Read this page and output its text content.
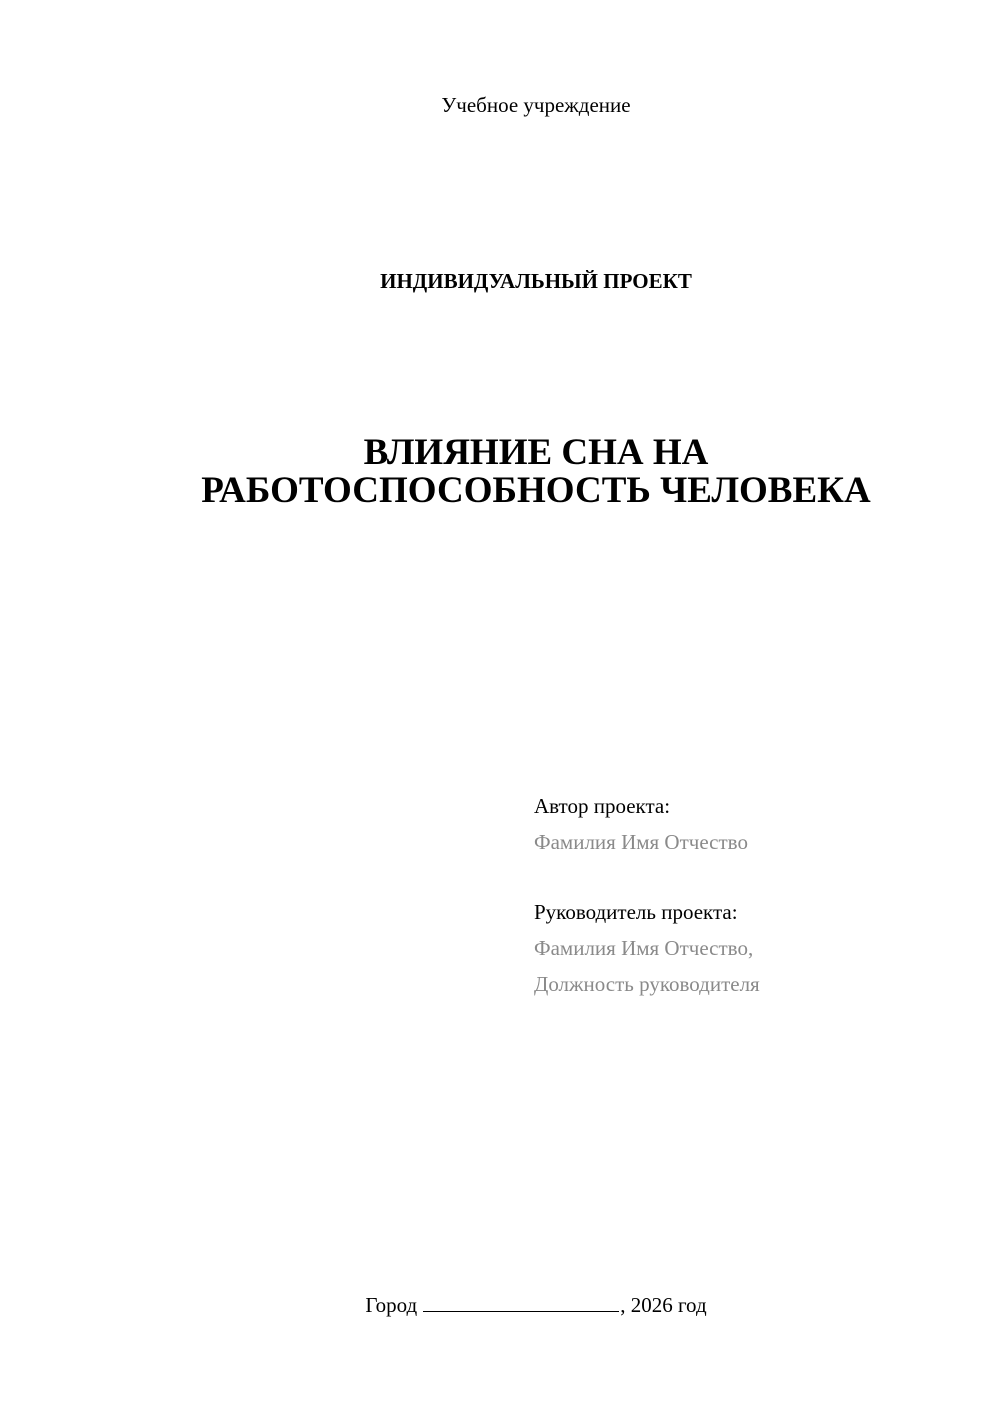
Учебное учреждение
ИНДИВИДУАЛЬНЫЙ ПРОЕКТ
ВЛИЯНИЕ СНА НА
РАБОТОСПОСОБНОСТЬ ЧЕЛОВЕКА
Автор проекта:
Фамилия Имя Отчество
Руководитель проекта:
Фамилия Имя Отчество,
Должность руководителя
Город	, 2026 год
